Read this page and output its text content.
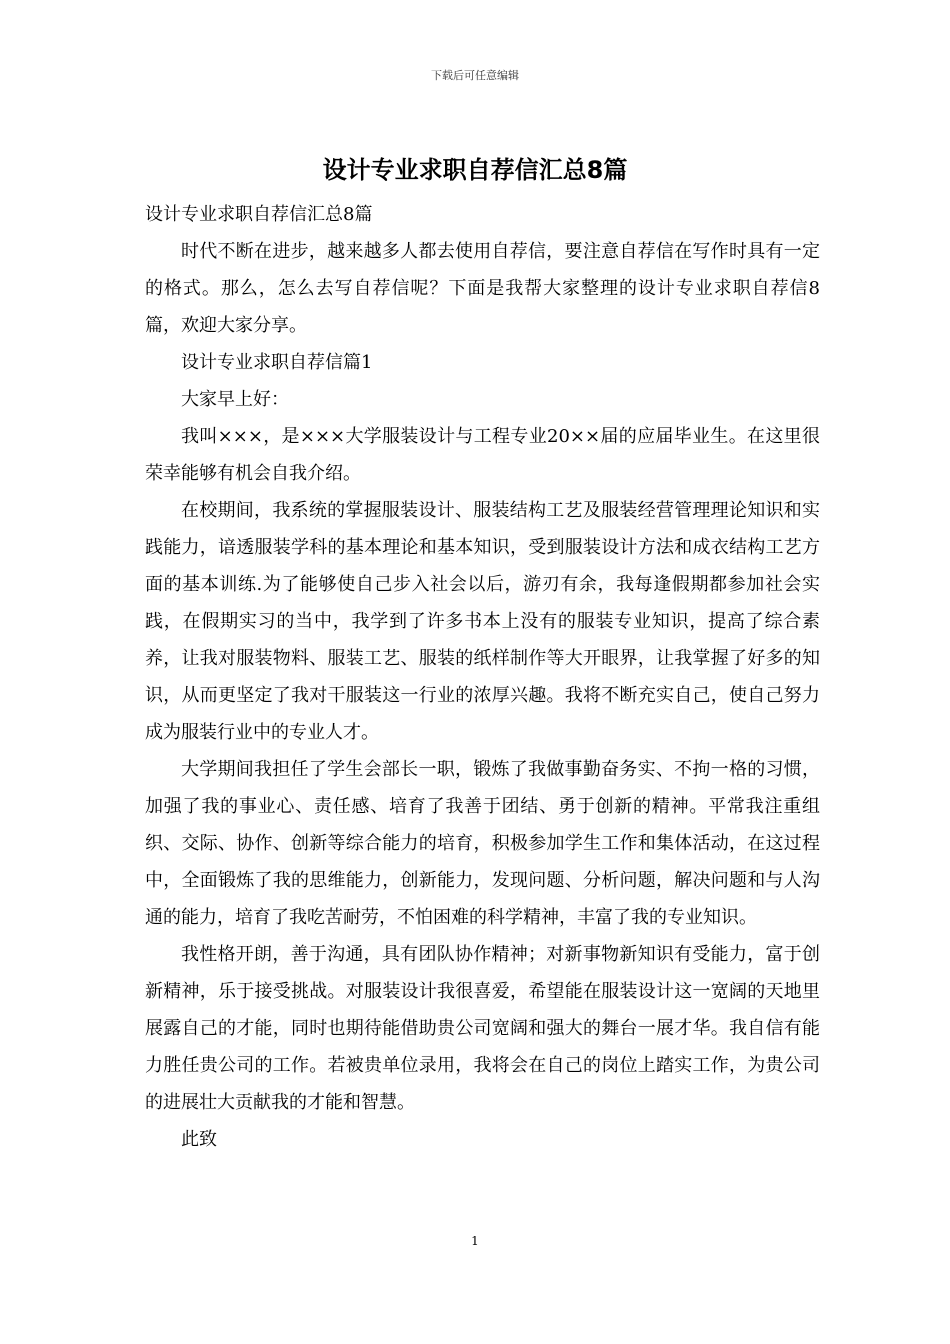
下载后可任意编辑
设计专业求职自荐信汇总8篇

设计专业求职自荐信汇总8篇

时代不断在进步，越来越多人都去使用自荐信，要注意自荐信在写作时具有一定的格式。那么，怎么去写自荐信呢？下面是我帮大家整理的设计专业求职自荐信8篇，欢迎大家分享。

设计专业求职自荐信篇1

大家早上好：

我叫×××，是×××大学服装设计与工程专业20××届的应届毕业生。在这里很荣幸能够有机会自我介绍。

在校期间，我系统的掌握服装设计、服装结构工艺及服装经营管理理论知识和实践能力，谙透服装学科的基本理论和基本知识，受到服装设计方法和成衣结构工艺方面的基本训练.为了能够使自己步入社会以后，游刃有余，我每逢假期都参加社会实践，在假期实习的当中，我学到了许多书本上没有的服装专业知识，提高了综合素养，让我对服装物料、服装工艺、服装的纸样制作等大开眼界，让我掌握了好多的知识，从而更坚定了我对干服装这一行业的浓厚兴趣。我将不断充实自己，使自己努力成为服装行业中的专业人才。

大学期间我担任了学生会部长一职，锻炼了我做事勤奋务实、不拘一格的习惯，加强了我的事业心、责任感、培育了我善于团结、勇于创新的精神。平常我注重组织、交际、协作、创新等综合能力的培育，积极参加学生工作和集体活动，在这过程中，全面锻炼了我的思维能力，创新能力，发现问题、分析问题，解决问题和与人沟通的能力，培育了我吃苦耐劳，不怕困难的科学精神，丰富了我的专业知识。

我性格开朗，善于沟通，具有团队协作精神；对新事物新知识有受能力，富于创新精神，乐于接受挑战。对服装设计我很喜爱，希望能在服装设计这一宽阔的天地里展露自己的才能，同时也期待能借助贵公司宽阔和强大的舞台一展才华。我自信有能力胜任贵公司的工作。若被贵单位录用，我将会在自己的岗位上踏实工作，为贵公司的进展壮大贡献我的才能和智慧。

此致

1
